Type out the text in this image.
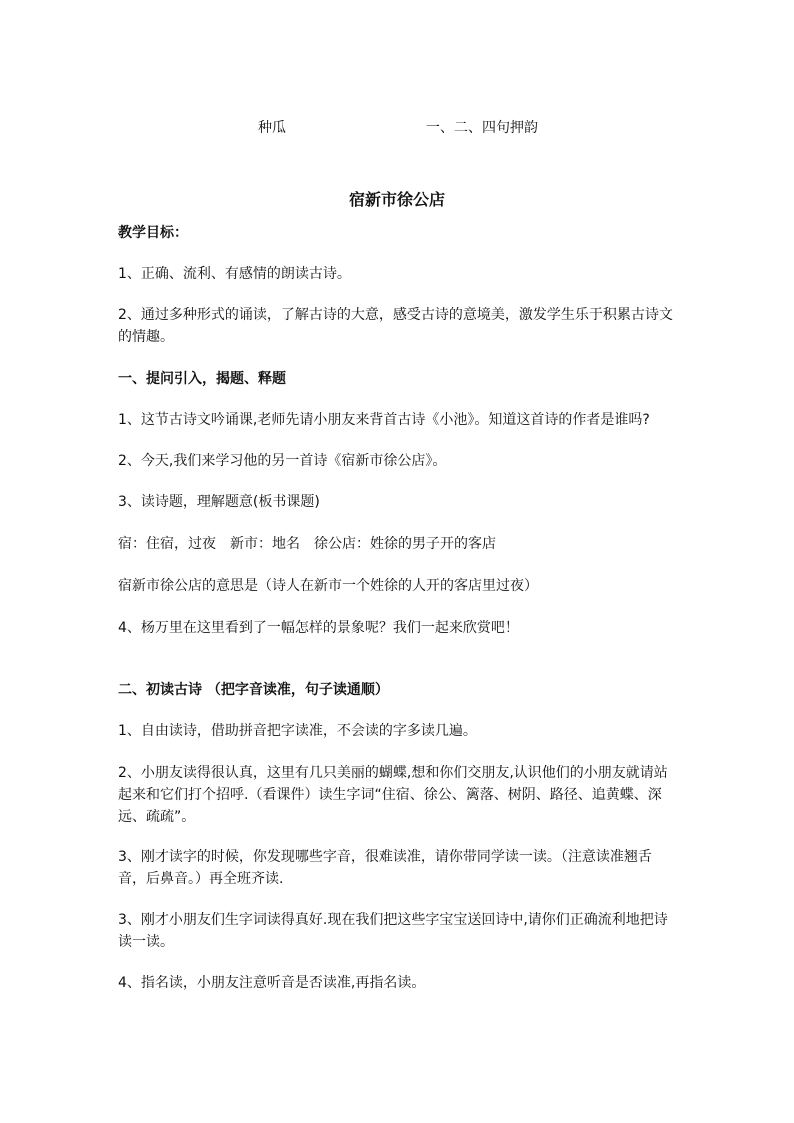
种瓜	一、二、四句押韵
宿新市徐公店
教学目标：
1、正确、流利、有感情的朗读古诗。
2、通过多种形式的诵读，了解古诗的大意，感受古诗的意境美，激发学生乐于积累古诗文的情趣。
一、提问引入，揭题、释题
1、这节古诗文吟诵课,老师先请小朋友来背首古诗《小池》。知道这首诗的作者是谁吗?
2、今天,我们来学习他的另一首诗《宿新市徐公店》。
3、读诗题，理解题意(板书课题)
宿：住宿，过夜　新市：地名　徐公店：姓徐的男子开的客店
宿新市徐公店的意思是（诗人在新市一个姓徐的人开的客店里过夜）
4、杨万里在这里看到了一幅怎样的景象呢？我们一起来欣赏吧！
二、初读古诗 （把字音读准，句子读通顺）
1、自由读诗，借助拼音把字读准，不会读的字多读几遍。
2、小朋友读得很认真，这里有几只美丽的蝴蝶,想和你们交朋友,认识他们的小朋友就请站起来和它们打个招呼.（看课件）读生字词“住宿、徐公、篱落、树阴、路径、追黄蝶、深远、疏疏”。
3、刚才读字的时候，你发现哪些字音，很难读准，请你带同学读一读。（注意读准翘舌音，后鼻音。）再全班齐读.
3、刚才小朋友们生字词读得真好.现在我们把这些字宝宝送回诗中,请你们正确流利地把诗读一读。
4、指名读，小朋友注意听音是否读准,再指名读。
